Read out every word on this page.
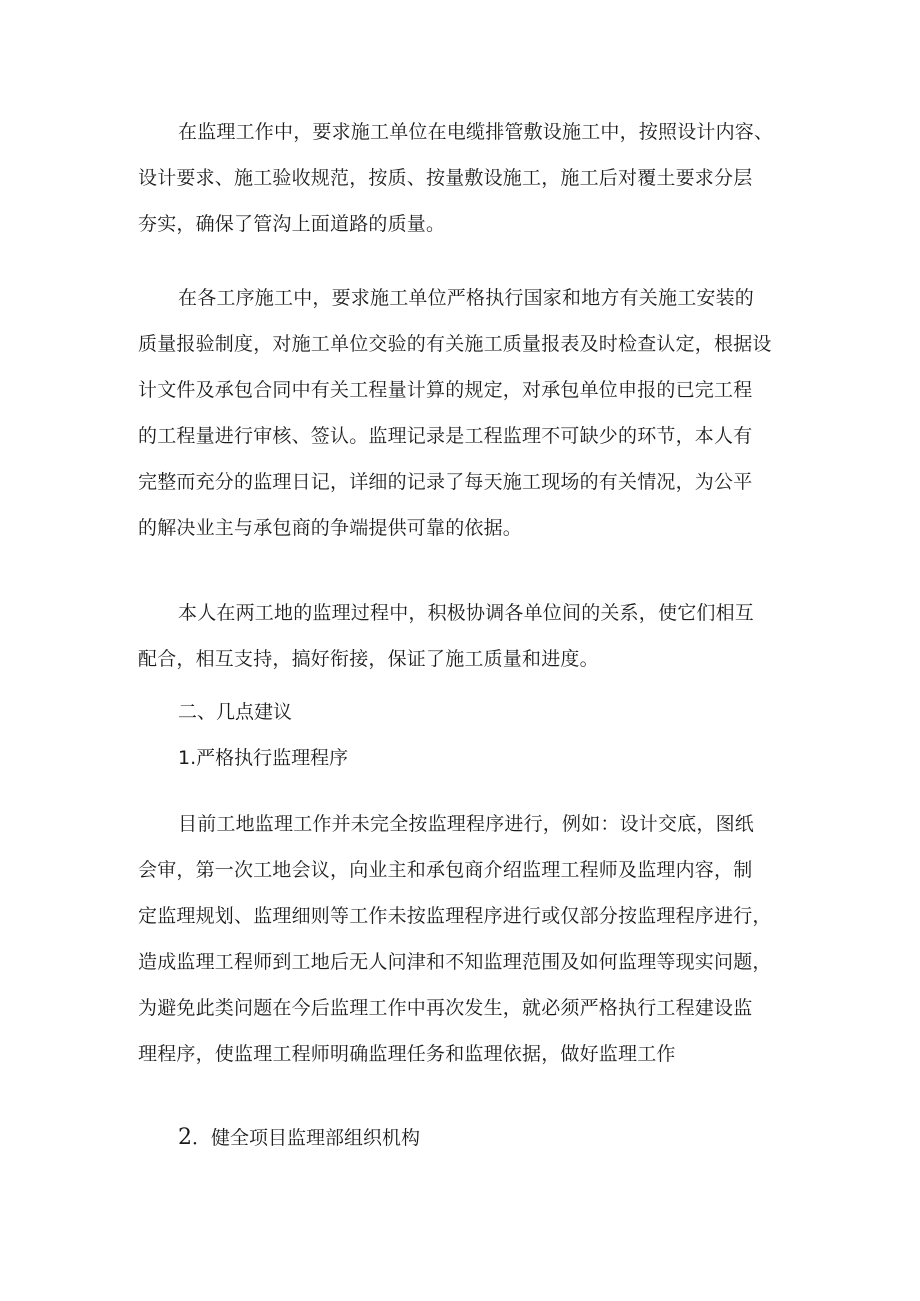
在监理工作中，要求施工单位在电缆排管敷设施工中，按照设计内容、
设计要求、施工验收规范，按质、按量敷设施工，施工后对覆土要求分层
夯实，确保了管沟上面道路的质量。

在各工序施工中，要求施工单位严格执行国家和地方有关施工安装的
质量报验制度，对施工单位交验的有关施工质量报表及时检查认定，根据设
计文件及承包合同中有关工程量计算的规定，对承包单位申报的已完工程
的工程量进行审核、签认。监理记录是工程监理不可缺少的环节，本人有
完整而充分的监理日记，详细的记录了每天施工现场的有关情况，为公平
的解决业主与承包商的争端提供可靠的依据。

本人在两工地的监理过程中，积极协调各单位间的关系，使它们相互
配合，相互支持，搞好衔接，保证了施工质量和进度。

二、几点建议

1.严格执行监理程序

目前工地监理工作并未完全按监理程序进行，例如：设计交底，图纸
会审，第一次工地会议，向业主和承包商介绍监理工程师及监理内容，制
定监理规划、监理细则等工作未按监理程序进行或仅部分按监理程序进行，
造成监理工程师到工地后无人问津和不知监理范围及如何监理等现实问题，
为避免此类问题在今后监理工作中再次发生，就必须严格执行工程建设监
理程序，使监理工程师明确监理任务和监理依据，做好监理工作

2．健全项目监理部组织机构
